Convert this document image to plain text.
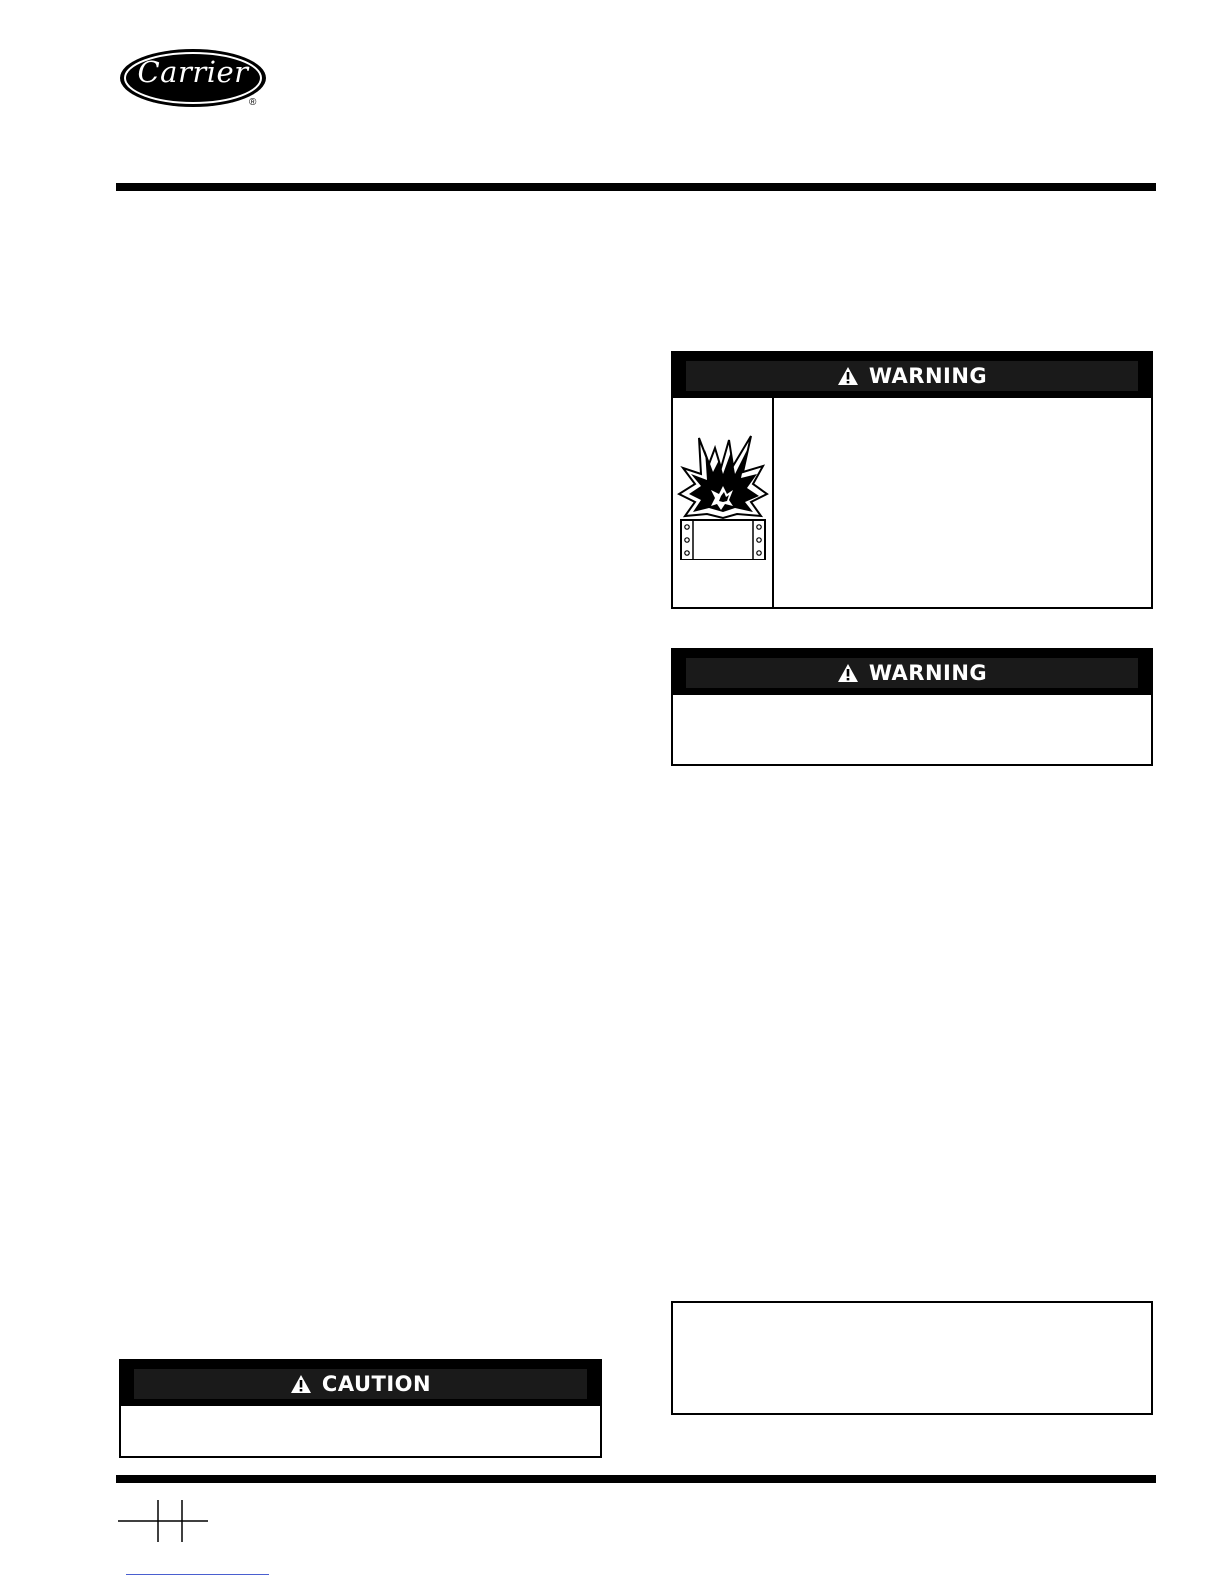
Carrier
®
WARNING
WARNING
CAUTION
